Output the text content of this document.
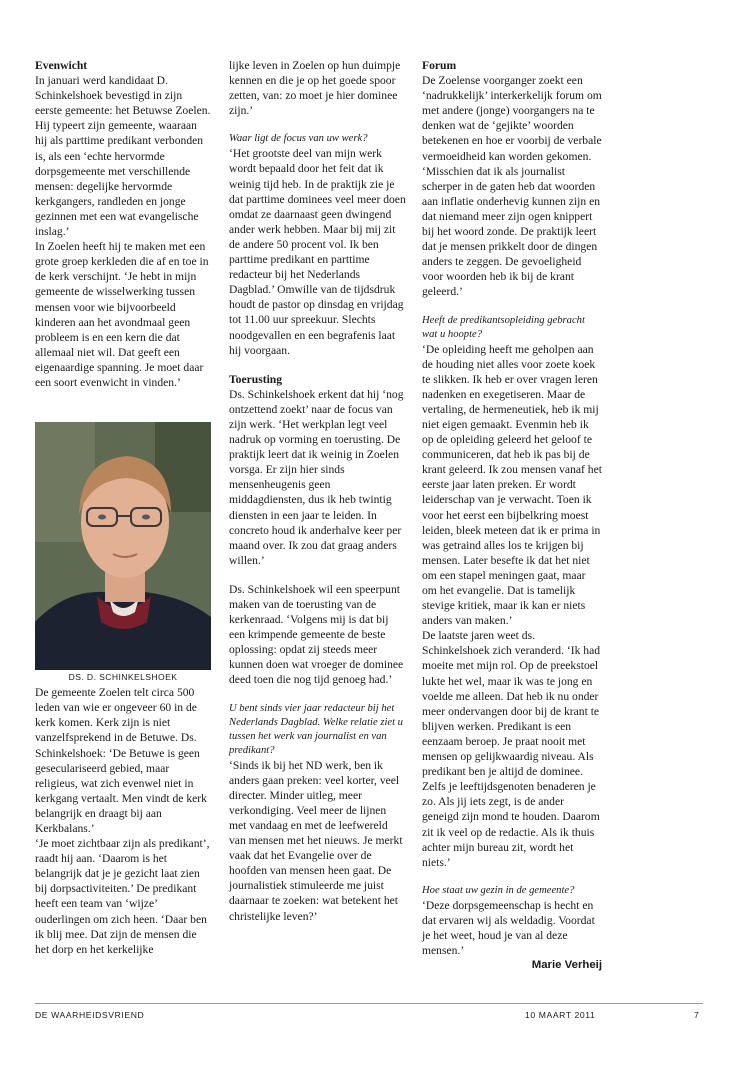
Evenwicht

In januari werd kandidaat D. Schinkelshoek bevestigd in zijn eerste gemeente: het Betuwse Zoelen. Hij typeert zijn gemeente, waaraan hij als parttime predikant verbonden is, als een ‘echte hervormde dorpsgemeente met verschillende mensen: degelijke hervormde kerkgangers, randleden en jonge gezinnen met een wat evangelische inslag.’

In Zoelen heeft hij te maken met een grote groep kerkleden die af en toe in de kerk verschijnt. ‘Je hebt in mijn gemeente de wisselwerking tussen mensen voor wie bijvoorbeeld kinderen aan het avondmaal geen probleem is en een kern die dat allemaal niet wil. Dat geeft een eigenaardige spanning. Je moet daar een soort evenwicht in vinden.’

DS. D. SCHINKELSHOEK

De gemeente Zoelen telt circa 500 leden van wie er ongeveer 60 in de kerk komen. Kerk zijn is niet vanzelfsprekend in de Betuwe. Ds. Schinkelshoek: ‘De Betuwe is geen geseculariseerd gebied, maar religieus, wat zich evenwel niet in kerkgang vertaalt. Men vindt de kerk belangrijk en draagt bij aan Kerkbalans.’

‘Je moet zichtbaar zijn als predikant’, raadt hij aan. ‘Daarom is het belangrijk dat je je gezicht laat zien bij dorpsactiviteiten.’ De predikant heeft een team van ‘wijze’ ouderlingen om zich heen. ‘Daar ben ik blij mee. Dat zijn de mensen die het dorp en het kerkelijke

lijke leven in Zoelen op hun duimpje kennen en die je op het goede spoor zetten, van: zo moet je hier dominee zijn.’

Waar ligt de focus van uw werk?

‘Het grootste deel van mijn werk wordt bepaald door het feit dat ik weinig tijd heb. In de praktijk zie je dat parttime dominees veel meer doen omdat ze daarnaast geen dwingend ander werk hebben. Maar bij mij zit de andere 50 procent vol. Ik ben parttime predikant en parttime redacteur bij het Nederlands Dagblad.’ Omwille van de tijdsdruk houdt de pastor op dinsdag en vrijdag tot 11.00 uur spreekuur. Slechts noodgevallen en een begrafenis laat hij voorgaan.

Toerusting

Ds. Schinkelshoek erkent dat hij ‘nog ontzettend zoekt’ naar de focus van zijn werk. ‘Het werkplan legt veel nadruk op vorming en toerusting. De praktijk leert dat ik weinig in Zoelen vorsga. Er zijn hier sinds mensenheugenis geen middagdiensten, dus ik heb twintig diensten in een jaar te leiden. In concreto houd ik anderhalve keer per maand over. Ik zou dat graag anders willen.’

Ds. Schinkelshoek wil een speerpunt maken van de toerusting van de kerkenraad. ‘Volgens mij is dat bij een krimpende gemeente de beste oplossing: opdat zij steeds meer kunnen doen wat vroeger de dominee deed toen die nog tijd genoeg had.’

U bent sinds vier jaar redacteur bij het Nederlands Dagblad. Welke relatie ziet u tussen het werk van journalist en van predikant?

‘Sinds ik bij het ND werk, ben ik anders gaan preken: veel korter, veel directer. Minder uitleg, meer verkondiging. Veel meer de lijnen met vandaag en met de leefwereld van mensen met het nieuws. Je merkt vaak dat het Evangelie over de hoofden van mensen heen gaat. De journalistiek stimuleerde me juist daarnaar te zoeken: wat betekent het christelijke leven?’

Forum

De Zoelense voorganger zoekt een ‘nadrukkelijk’ interkerkelijk forum om met andere (jonge) voorgangers na te denken wat de ‘gejikte’ woorden betekenen en hoe er voorbij de verbale vermoeidheid kan worden gekomen. ‘Misschien dat ik als journalist scherper in de gaten heb dat woorden aan inflatie onderhevig kunnen zijn en dat niemand meer zijn ogen knippert bij het woord zonde. De praktijk leert dat je mensen prikkelt door de dingen anders te zeggen. De gevoeligheid voor woorden heb ik bij de krant geleerd.’

Heeft de predikantsopleiding gebracht wat u hoopte?

‘De opleiding heeft me geholpen aan de houding niet alles voor zoete koek te slikken. Ik heb er over vragen leren nadenken en exegetiseren. Maar de vertaling, de hermeneutiek, heb ik mij niet eigen gemaakt. Evenmin heb ik op de opleiding geleerd het geloof te communiceren, dat heb ik pas bij de krant geleerd. Ik zou mensen vanaf het eerste jaar laten preken. Er wordt leiderschap van je verwacht. Toen ik voor het eerst een bijbelkring moest leiden, bleek meteen dat ik er prima in was getraind alles los te krijgen bij mensen. Later besefte ik dat het niet om een stapel meningen gaat, maar om het evangelie. Dat is tamelijk stevige kritiek, maar ik kan er niets anders van maken.’

De laatste jaren weet ds. Schinkelshoek zich veranderd. ‘Ik had moeite met mijn rol. Op de preekstoel lukte het wel, maar ik was te jong en voelde me alleen. Dat heb ik nu onder meer ondervangen door bij de krant te blijven werken. Predikant is een eenzaam beroep. Je praat nooit met mensen op gelijkwaardig niveau. Als predikant ben je altijd de dominee. Zelfs je leeftijdsgenoten benaderen je zo. Als jij iets zegt, is de ander geneigd zijn mond te houden. Daarom zit ik veel op de redactie. Als ik thuis achter mijn bureau zit, wordt het niets.’

Hoe staat uw gezin in de gemeente?

‘Deze dorpsgemeenschap is hecht en dat ervaren wij als weldadig. Voordat je het weet, houd je van al deze mensen.’

Marie Verheij

DE WAARHEIDSVRIEND	10 MAART 2011	7
